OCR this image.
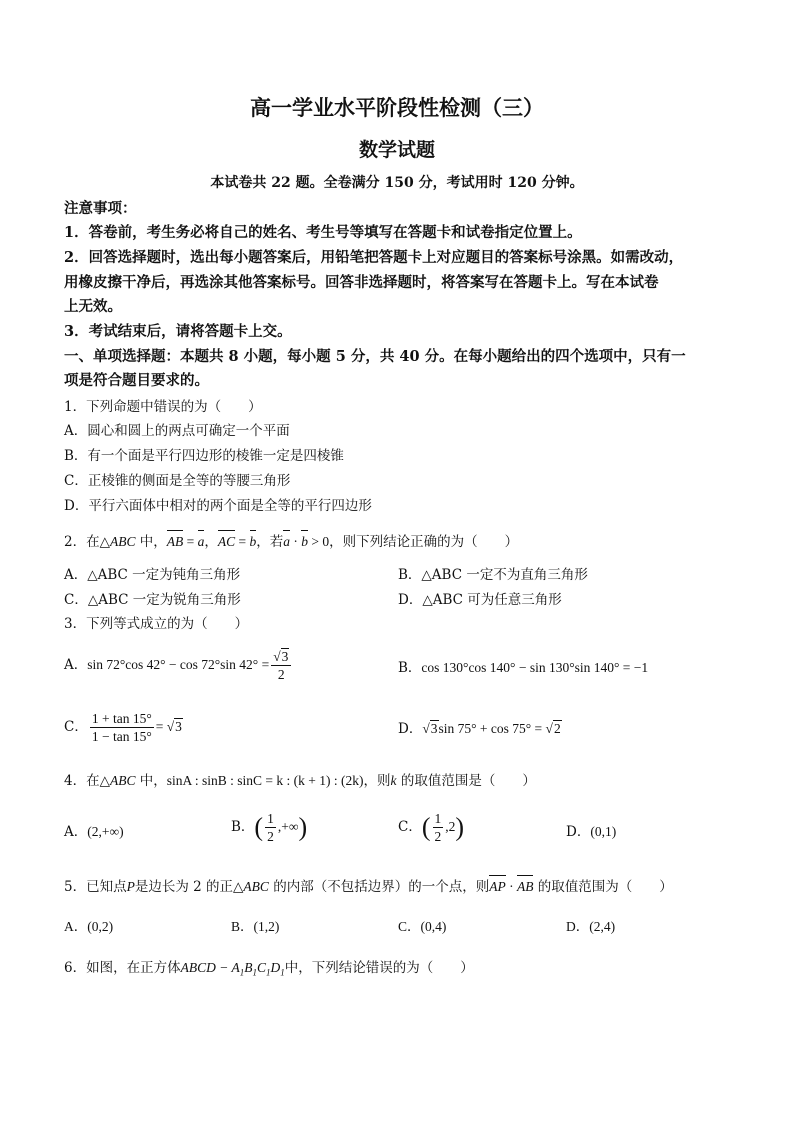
高一学业水平阶段性检测（三）
数学试题
本试卷共 22 题。全卷满分 150 分，考试用时 120 分钟。
注意事项：
1．答卷前，考生务必将自己的姓名、考生号等填写在答题卡和试卷指定位置上。
2．回答选择题时，选出每小题答案后，用铅笔把答题卡上对应题目的答案标号涂黑。如需改动，
用橡皮擦干净后，再选涂其他答案标号。回答非选择题时，将答案写在答题卡上。写在本试卷
上无效。
3．考试结束后，请将答题卡上交。
一、单项选择题：本题共 8 小题，每小题 5 分，共 40 分。在每小题给出的四个选项中，只有一
项是符合题目要求的。
1．下列命题中错误的为（　　）
A．圆心和圆上的两点可确定一个平面
B．有一个面是平行四边形的棱锥一定是四棱锥
C．正棱锥的侧面是全等的等腰三角形
D．平行六面体中相对的两个面是全等的平行四边形
2．在△ABC 中，AB = a，AC = b，若a · b > 0，则下列结论正确的为（　　）
A．△ABC 一定为钝角三角形	B．△ABC 一定不为直角三角形
C．△ABC 一定为锐角三角形	D．△ABC 可为任意三角形
3．下列等式成立的为（　　）
A．sin 72°cos 42° − cos 72°sin $42^\circ = \frac{√3}{2}$	B．cos 130°cos 140° − sin 130°sin 140° = −1
C． $\frac{1 + \tan 15^\circ}{1 - \tan 15^\circ} = √3$	D．√3sin 75° + cos 75° = √2
4．在△ABC 中，sinA : sinB : sinC = k : (k + 1) : (2k)，则k 的取值范围是（　　）
A．(2,+∞)	B．( $\frac{1}{2}$ ,+∞)	C．( $\frac{1}{2} ,2$)	D．(0,1)
5．已知点P是边长为 2 的正△ABC 的内部（不包括边界）的一个点，则AP · AB 的取值范围为（　　）
A．(0,2)	B．(1,2)	C．(0,4)	D．(2,4)
6．如图，在正方体ABCD − $A_1B_1C_1D_1$中，下列结论错误的为（　　）
